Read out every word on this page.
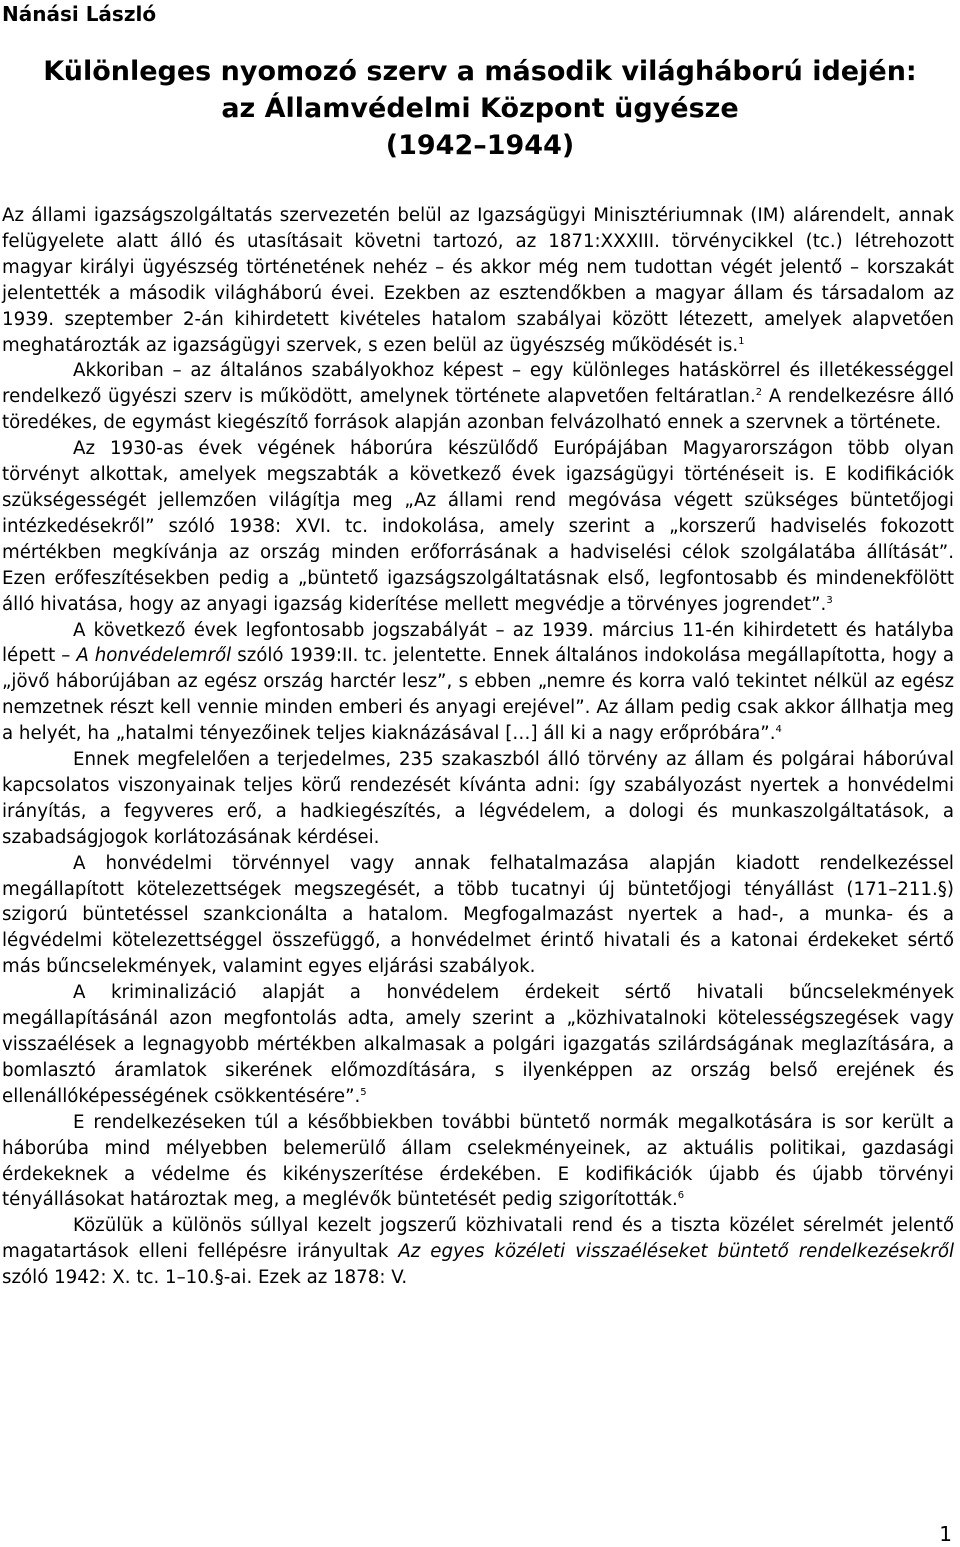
Nánási László

Különleges nyomozó szerv a második világháború idején:
az Államvédelmi Központ ügyésze
(1942–1944)

Az állami igazságszolgáltatás szervezetén belül az Igazságügyi Minisztériumnak (IM) alárendelt, annak felügyelete alatt álló és utasításait követni tartozó, az 1871:XXXIII. törvénycikkel (tc.) létrehozott magyar királyi ügyészség történetének nehéz – és akkor még nem tudottan végét jelentő – korszakát jelentették a második világháború évei. Ezekben az esztendőkben a magyar állam és társadalom az 1939. szeptember 2-án kihirdetett kivételes hatalom szabályai között létezett, amelyek alapvetően meghatározták az igazságügyi szervek, s ezen belül az ügyészség működését is.$^1$

Akkoriban – az általános szabályokhoz képest – egy különleges hatáskörrel és illetékességgel rendelkező ügyészi szerv is működött, amelynek története alapvetően feltáratlan.$^2$ A rendelkezésre álló töredékes, de egymást kiegészítő források alapján azonban felvázolható ennek a szervnek a története.

Az 1930-as évek végének háborúra készülődő Európájában Magyarországon több olyan törvényt alkottak, amelyek megszabták a következő évek igazságügyi történéseit is. E kodifikációk szükségességét jellemzően világítja meg „Az állami rend megóvása végett szükséges büntetőjogi intézkedésekről” szóló 1938: XVI. tc. indokolása, amely szerint a „korszerű hadviselés fokozott mértékben megkívánja az ország minden erőforrásának a hadviselési célok szolgálatába állítását”. Ezen erőfeszítésekben pedig a „büntető igazságszolgáltatásnak első, legfontosabb és mindenekfölött álló hivatása, hogy az anyagi igazság kiderítése mellett megvédje a törvényes jogrendet”.$^3$

A következő évek legfontosabb jogszabályát – az 1939. március 11-én kihirdetett és hatályba lépett – A honvédelemről szóló 1939:II. tc. jelentette. Ennek általános indokolása megállapította, hogy a „jövő háborújában az egész ország harctér lesz”, s ebben „nemre és korra való tekintet nélkül az egész nemzetnek részt kell vennie minden emberi és anyagi erejével”. Az állam pedig csak akkor állhatja meg a helyét, ha „hatalmi tényezőinek teljes kiaknázásával […] áll ki a nagy erőpróbára”.$^4$

Ennek megfelelően a terjedelmes, 235 szakaszból álló törvény az állam és polgárai háborúval kapcsolatos viszonyainak teljes körű rendezését kívánta adni: így szabályozást nyertek a honvédelmi irányítás, a fegyveres erő, a hadkiegészítés, a légvédelem, a dologi és munkaszolgáltatások, a szabadságjogok korlátozásának kérdései.

A honvédelmi törvénnyel vagy annak felhatalmazása alapján kiadott rendelkezéssel megállapított kötelezettségek megszegését, a több tucatnyi új büntetőjogi tényállást (171–211.§) szigorú büntetéssel szankcionálta a hatalom. Megfogalmazást nyertek a had-, a munka- és a légvédelmi kötelezettséggel összefüggő, a honvédelmet érintő hivatali és a katonai érdekeket sértő más bűncselekmények, valamint egyes eljárási szabályok.

A kriminalizáció alapját a honvédelem érdekeit sértő hivatali bűncselekmények megállapításánál azon megfontolás adta, amely szerint a „közhivatalnoki kötelességszegések vagy visszaélések a legnagyobb mértékben alkalmasak a polgári igazgatás szilárdságának meglazítására, a bomlasztó áramlatok sikerének előmozdítására, s ilyenképpen az ország belső erejének és ellenállóképességének csökkentésére”.$^5$

E rendelkezéseken túl a későbbiekben további büntető normák megalkotására is sor került a háborúba mind mélyebben belemerülő állam cselekményeinek, az aktuális politikai, gazdasági érdekeknek a védelme és kikényszerítése érdekében. E kodifikációk újabb és újabb törvényi tényállásokat határoztak meg, a meglévők büntetését pedig szigorították.$^6$

Közülük a különös súllyal kezelt jogszerű közhivatali rend és a tiszta közélet sérelmét jelentő magatartások elleni fellépésre irányultak Az egyes közéleti visszaéléseket büntető rendelkezésekről szóló 1942: X. tc. 1–10.§-ai. Ezek az 1878: V.

1
